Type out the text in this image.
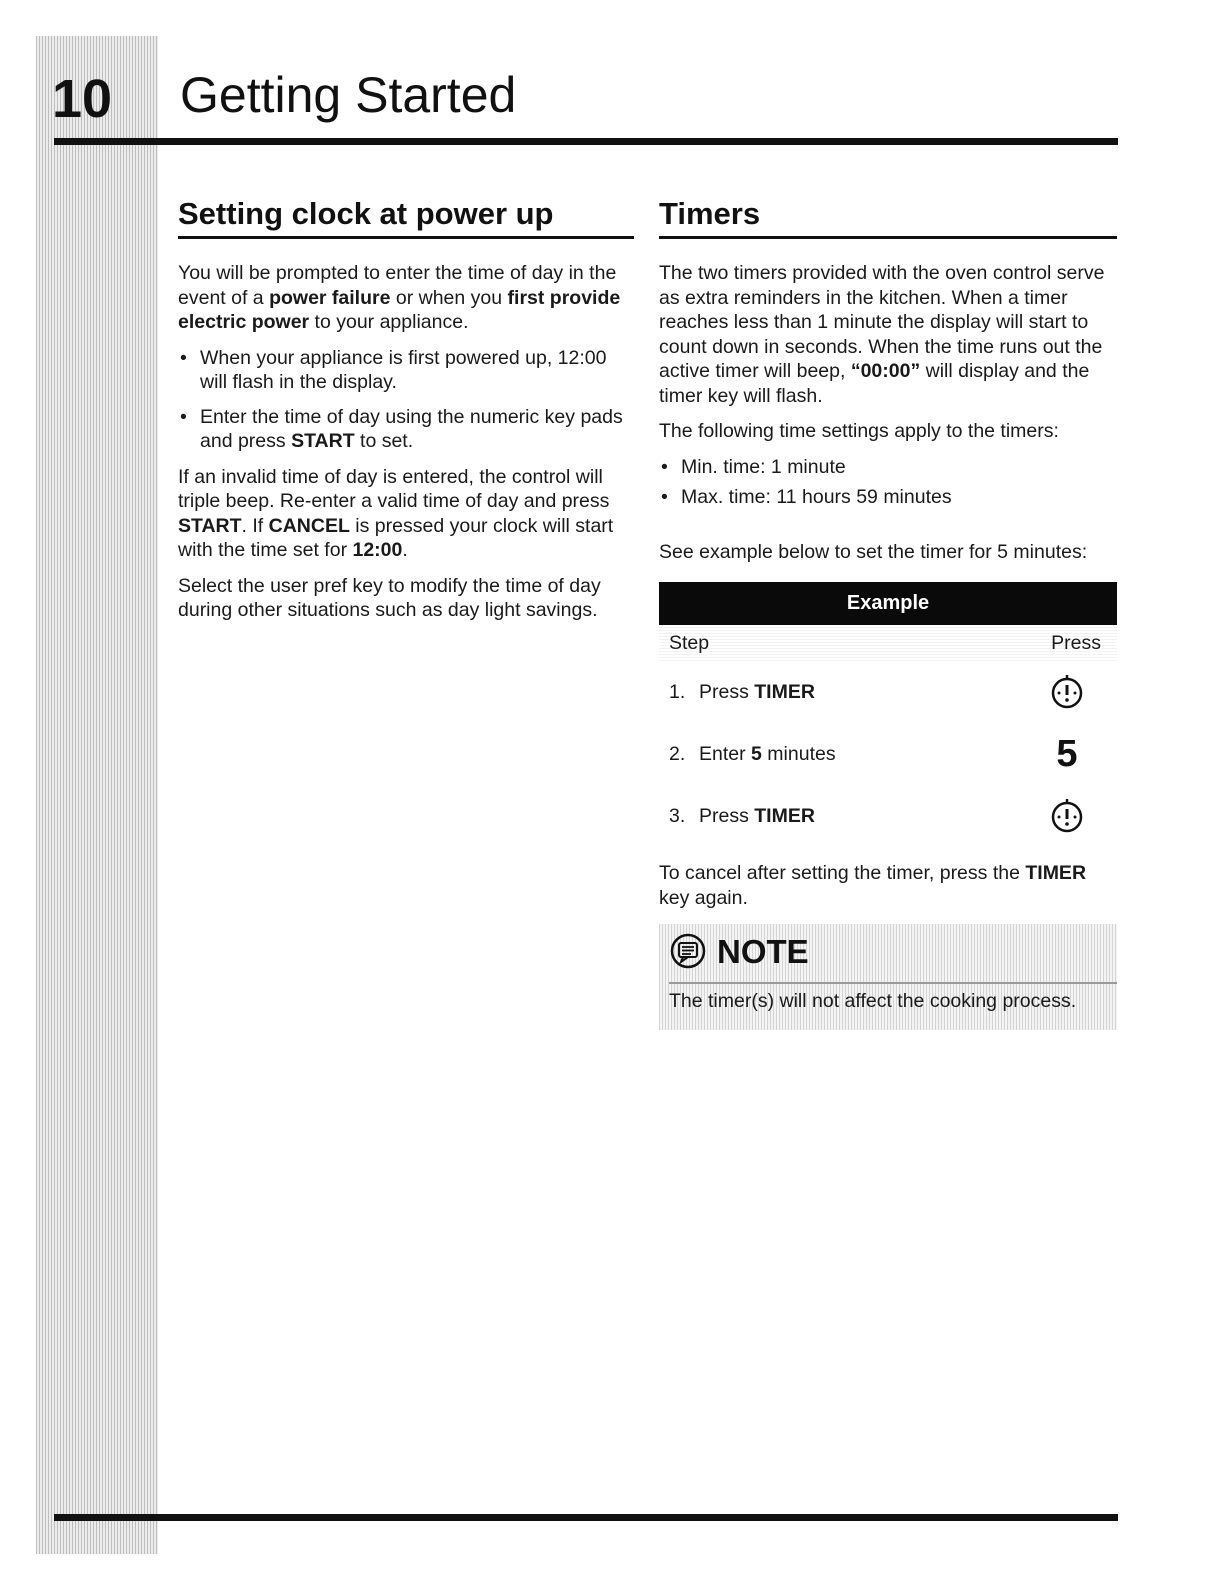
10 Getting Started
Setting clock at power up

You will be prompted to enter the time of day in the event of a power failure or when you first provide electric power to your appliance.

• When your appliance is first powered up, 12:00 will flash in the display.
• Enter the time of day using the numeric key pads and press START to set.

If an invalid time of day is entered, the control will triple beep. Re-enter a valid time of day and press START. If CANCEL is pressed your clock will start with the time set for 12:00.

Select the user pref key to modify the time of day during other situations such as day light savings.

Timers

The two timers provided with the oven control serve as extra reminders in the kitchen. When a timer reaches less than 1 minute the display will start to count down in seconds. When the time runs out the active timer will beep, “00:00” will display and the timer key will flash.

The following time settings apply to the timers:

• Min. time: 1 minute
• Max. time: 11 hours 59 minutes

See example below to set the timer for 5 minutes:

Example
Step	Press
1. Press TIMER
2. Enter 5 minutes	5
3. Press TIMER

To cancel after setting the timer, press the TIMER key again.

NOTE
The timer(s) will not affect the cooking process.
